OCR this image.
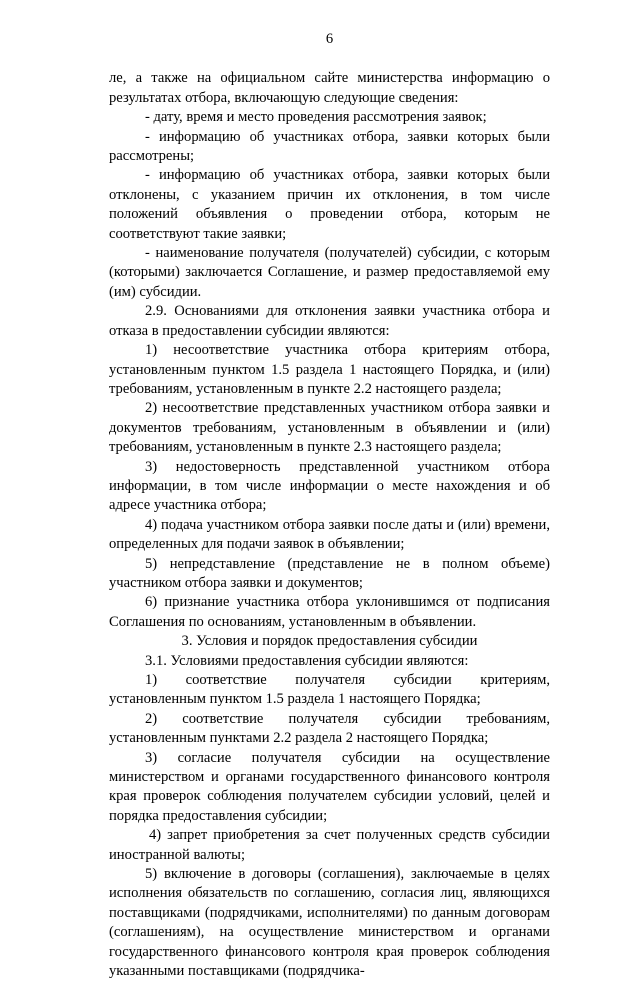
6

ле, а также на официальном сайте министерства информацию о результатах отбора, включающую следующие сведения:

- дату, время и место проведения рассмотрения заявок;

- информацию об участниках отбора, заявки которых были рассмотрены;

- информацию об участниках отбора, заявки которых были отклонены, с указанием причин их отклонения, в том числе положений объявления о проведении отбора, которым не соответствуют такие заявки;

- наименование получателя (получателей) субсидии, с которым (которыми) заключается Соглашение, и размер предоставляемой ему (им) субсидии.

2.9. Основаниями для отклонения заявки участника отбора и отказа в предоставлении субсидии являются:

1) несоответствие участника отбора критериям отбора, установленным пунктом 1.5 раздела 1 настоящего Порядка, и (или) требованиям, установленным в пункте 2.2 настоящего раздела;

2) несоответствие представленных участником отбора заявки и документов требованиям, установленным в объявлении и (или) требованиям, установленным в пункте 2.3 настоящего раздела;

3) недостоверность представленной участником отбора информации, в том числе информации о месте нахождения и об адресе участника отбора;

4) подача участником отбора заявки после даты и (или) времени, определенных для подачи заявок в объявлении;

5) непредставление (представление не в полном объеме) участником отбора заявки и документов;

6) признание участника отбора уклонившимся от подписания Соглашения по основаниям, установленным в объявлении.

3. Условия и порядок предоставления субсидии

3.1. Условиями предоставления субсидии являются:

1) соответствие получателя субсидии критериям, установленным пунктом 1.5 раздела 1 настоящего Порядка;

2) соответствие получателя субсидии требованиям, установленным пунктами 2.2 раздела 2 настоящего Порядка;

3) согласие получателя субсидии на осуществление министерством и органами государственного финансового контроля края проверок соблюдения получателем субсидии условий, целей и порядка предоставления субсидии;

4) запрет приобретения за счет полученных средств субсидии иностранной валюты;

5) включение в договоры (соглашения), заключаемые в целях исполнения обязательств по соглашению, согласия лиц, являющихся поставщиками (подрядчиками, исполнителями) по данным договорам (соглашениям), на осуществление министерством и органами государственного финансового контроля края проверок соблюдения указанными поставщиками (подрядчика-
